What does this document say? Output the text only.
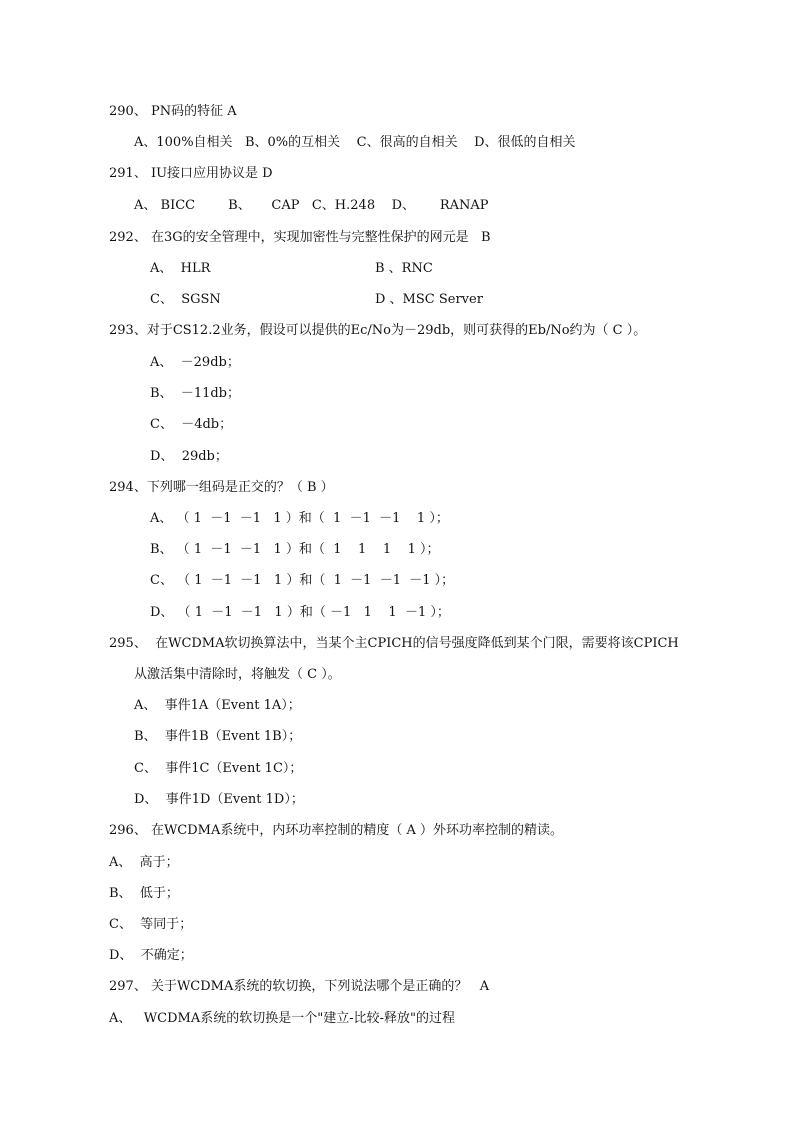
290、 PN码的特征 A
A、100%自相关   B、0%的互相关    C、很高的自相关    D、很低的自相关
291、 IU接口应用协议是 D
A、 BICC        B、     CAP   C、H.248    D、      RANAP
292、 在3G的安全管理中，实现加密性与完整性保护的网元是   B
A、  HLR	B 、RNC
C、  SGSN	D 、MSC Server
293、对于CS12.2业务，假设可以提供的Ec/No为－29db，则可获得的Eb/No约为（ C ）。
A、  －29db；
B、  －11db；
C、  －4db；
D、  29db；
294、下列哪一组码是正交的？（ B ）
A、 （ 1  －1  －1   1 ）和（  1  －1  －1    1 ）；
B、 （ 1  －1  －1   1 ）和（  1    1    1    1 ）；
C、 （ 1  －1  －1   1 ）和（  1  －1  －1  －1 ）；
D、 （ 1  －1  －1   1 ）和（ －1   1    1  －1 ）；
295、  在WCDMA软切换算法中，当某个主CPICH的信号强度降低到某个门限，需要将该CPICH
从激活集中清除时，将触发（ C ）。
A、  事件1A（Event 1A）；
B、  事件1B（Event 1B）；
C、  事件1C（Event 1C）；
D、  事件1D（Event 1D）；
296、 在WCDMA系统中，内环功率控制的精度（ A ）外环功率控制的精读。
A、  高于；
B、  低于；
C、  等同于；
D、  不确定；
297、 关于WCDMA系统的软切换，下列说法哪个是正确的？   A
A、   WCDMA系统的软切换是一个"建立-比较-释放"的过程
